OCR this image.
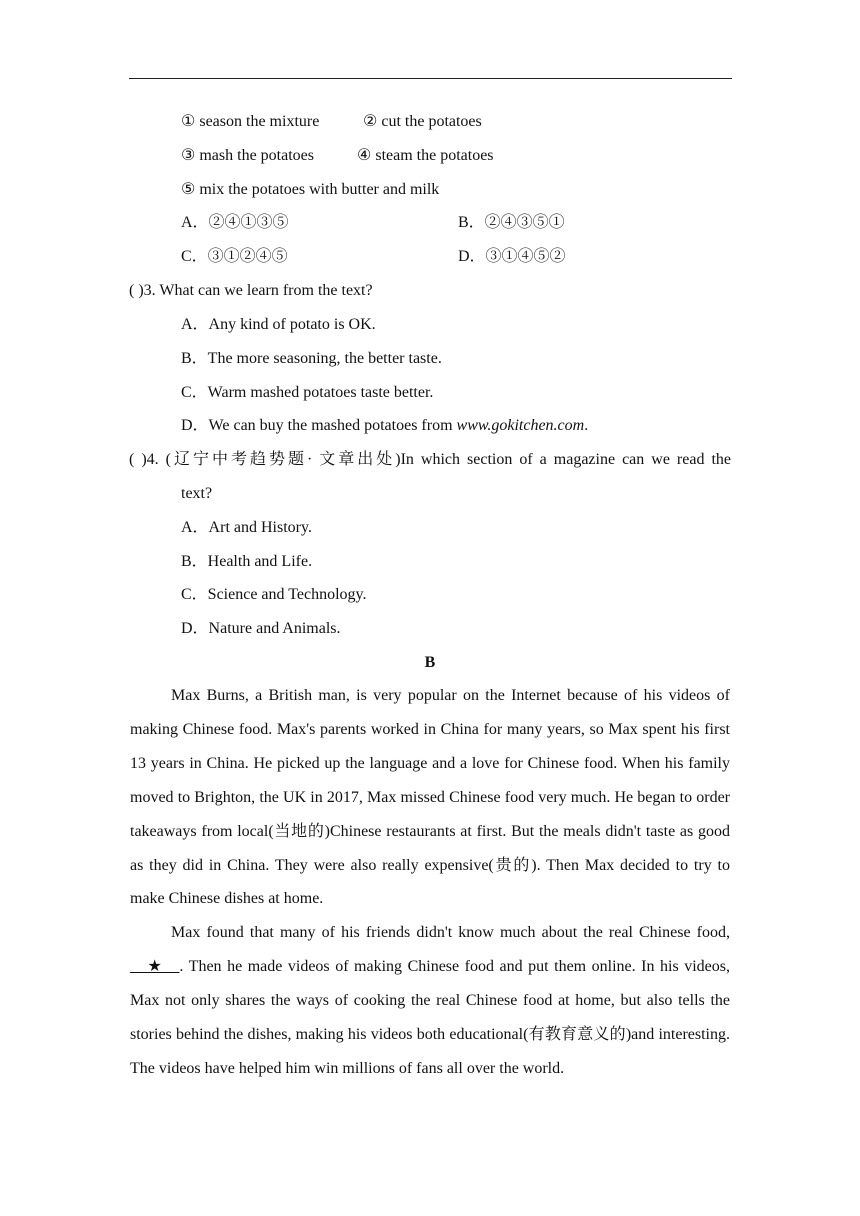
① season the mixture	② cut the potatoes
③ mash the potatoes	④ steam the potatoes
⑤ mix the potatoes with butter and milk
A．②④①③⑤	B．②④③⑤①
C．③①②④⑤	D．③①④⑤②
( )3. What can we learn from the text?
A．Any kind of potato is OK.
B．The more seasoning, the better taste.
C．Warm mashed potatoes taste better.
D．We can buy the mashed potatoes from www.gokitchen.com.
( )4. (辽宁中考趋势题· 文章出处)In which section of a magazine can we read the
text?
A．Art and History.
B．Health and Life.
C．Science and Technology.
D．Nature and Animals.
B

Max Burns, a British man, is very popular on the Internet because of his videos of making Chinese food. Max's parents worked in China for many years, so Max spent his first 13 years in China. He picked up the language and a love for Chinese food. When his family moved to Brighton, the UK in 2017, Max missed Chinese food very much. He began to order takeaways from local(当地的)Chinese restaurants at first. But the meals didn't taste as good as they did in China. They were also really expensive(贵的). Then Max decided to try to make Chinese dishes at home.

Max found that many of his friends didn't know much about the real Chinese food, __★__. Then he made videos of making Chinese food and put them online. In his videos, Max not only shares the ways of cooking the real Chinese food at home, but also tells the stories behind the dishes, making his videos both educational(有教育意义的)and interesting. The videos have helped him win millions of fans all over the world.
